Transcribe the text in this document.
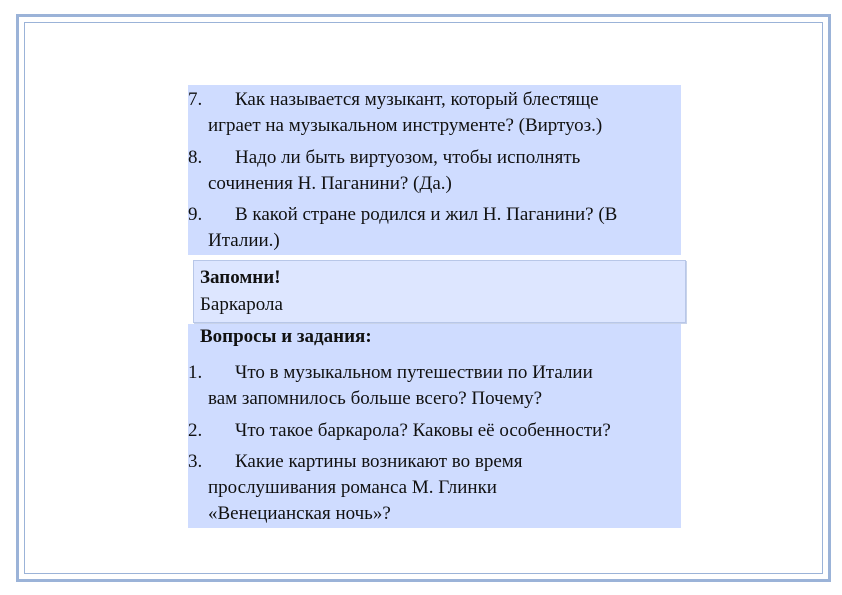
7. Как называется музыкант, который блестяще
играет на музыкальном инструменте? (Виртуоз.)
8. Надо ли быть виртуозом, чтобы исполнять
сочинения Н. Паганини? (Да.)
9. В какой стране родился и жил Н. Паганини? (В
Италии.)
Запомни!
Баркарола
Вопросы и задания:
1. Что в музыкальном путешествии по Италии
вам запомнилось больше всего? Почему?
2. Что такое баркарола? Каковы её особенности?
3. Какие картины возникают во время
прослушивания романса М. Глинки
«Венецианская ночь»?
